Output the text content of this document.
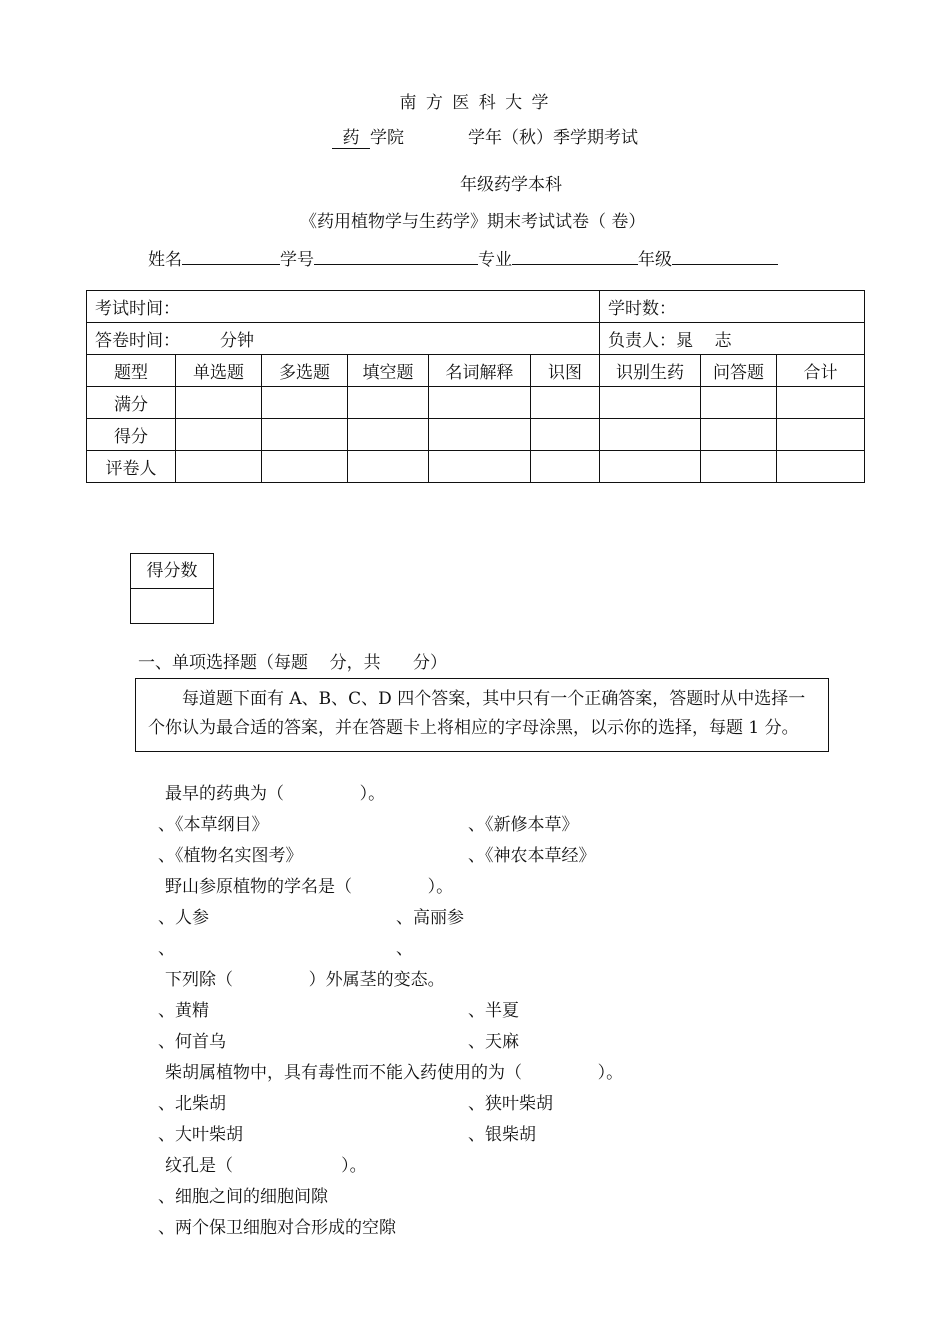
南 方 医 科 大 学
药 学院	学年（秋）季学期考试
年级药学本科
《药用植物学与生药学》期末考试试卷（ 卷）
姓名	学号	专业	年级
考试时间：						学时数：		
答卷时间： 分钟						负责人：晁    志		
题型	单选题	多选题	填空题	名词解释	识图	识别生药	问答题	合计
满分								
得分								
评卷人								
得分数
一、单项选择题（每题    分，共      分）
每道题下面有 A、B、C、D 四个答案，其中只有一个正确答案，答题时从中选择一个你认为最合适的答案，并在答题卡上将相应的字母涂黑，以示你的选择，每题 1 分。
最早的药典为（              ）。
、《本草纲目》	、《新修本草》
、《植物名实图考》	、《神农本草经》
野山参原植物的学名是（              ）。
、人参	、高丽参
、	、
下列除（              ）外属茎的变态。
、黄精	、半夏
、何首乌	、天麻
柴胡属植物中，具有毒性而不能入药使用的为（              ）。
、北柴胡	、狭叶柴胡
、大叶柴胡	、银柴胡
纹孔是（                    ）。
、细胞之间的细胞间隙
、两个保卫细胞对合形成的空隙
